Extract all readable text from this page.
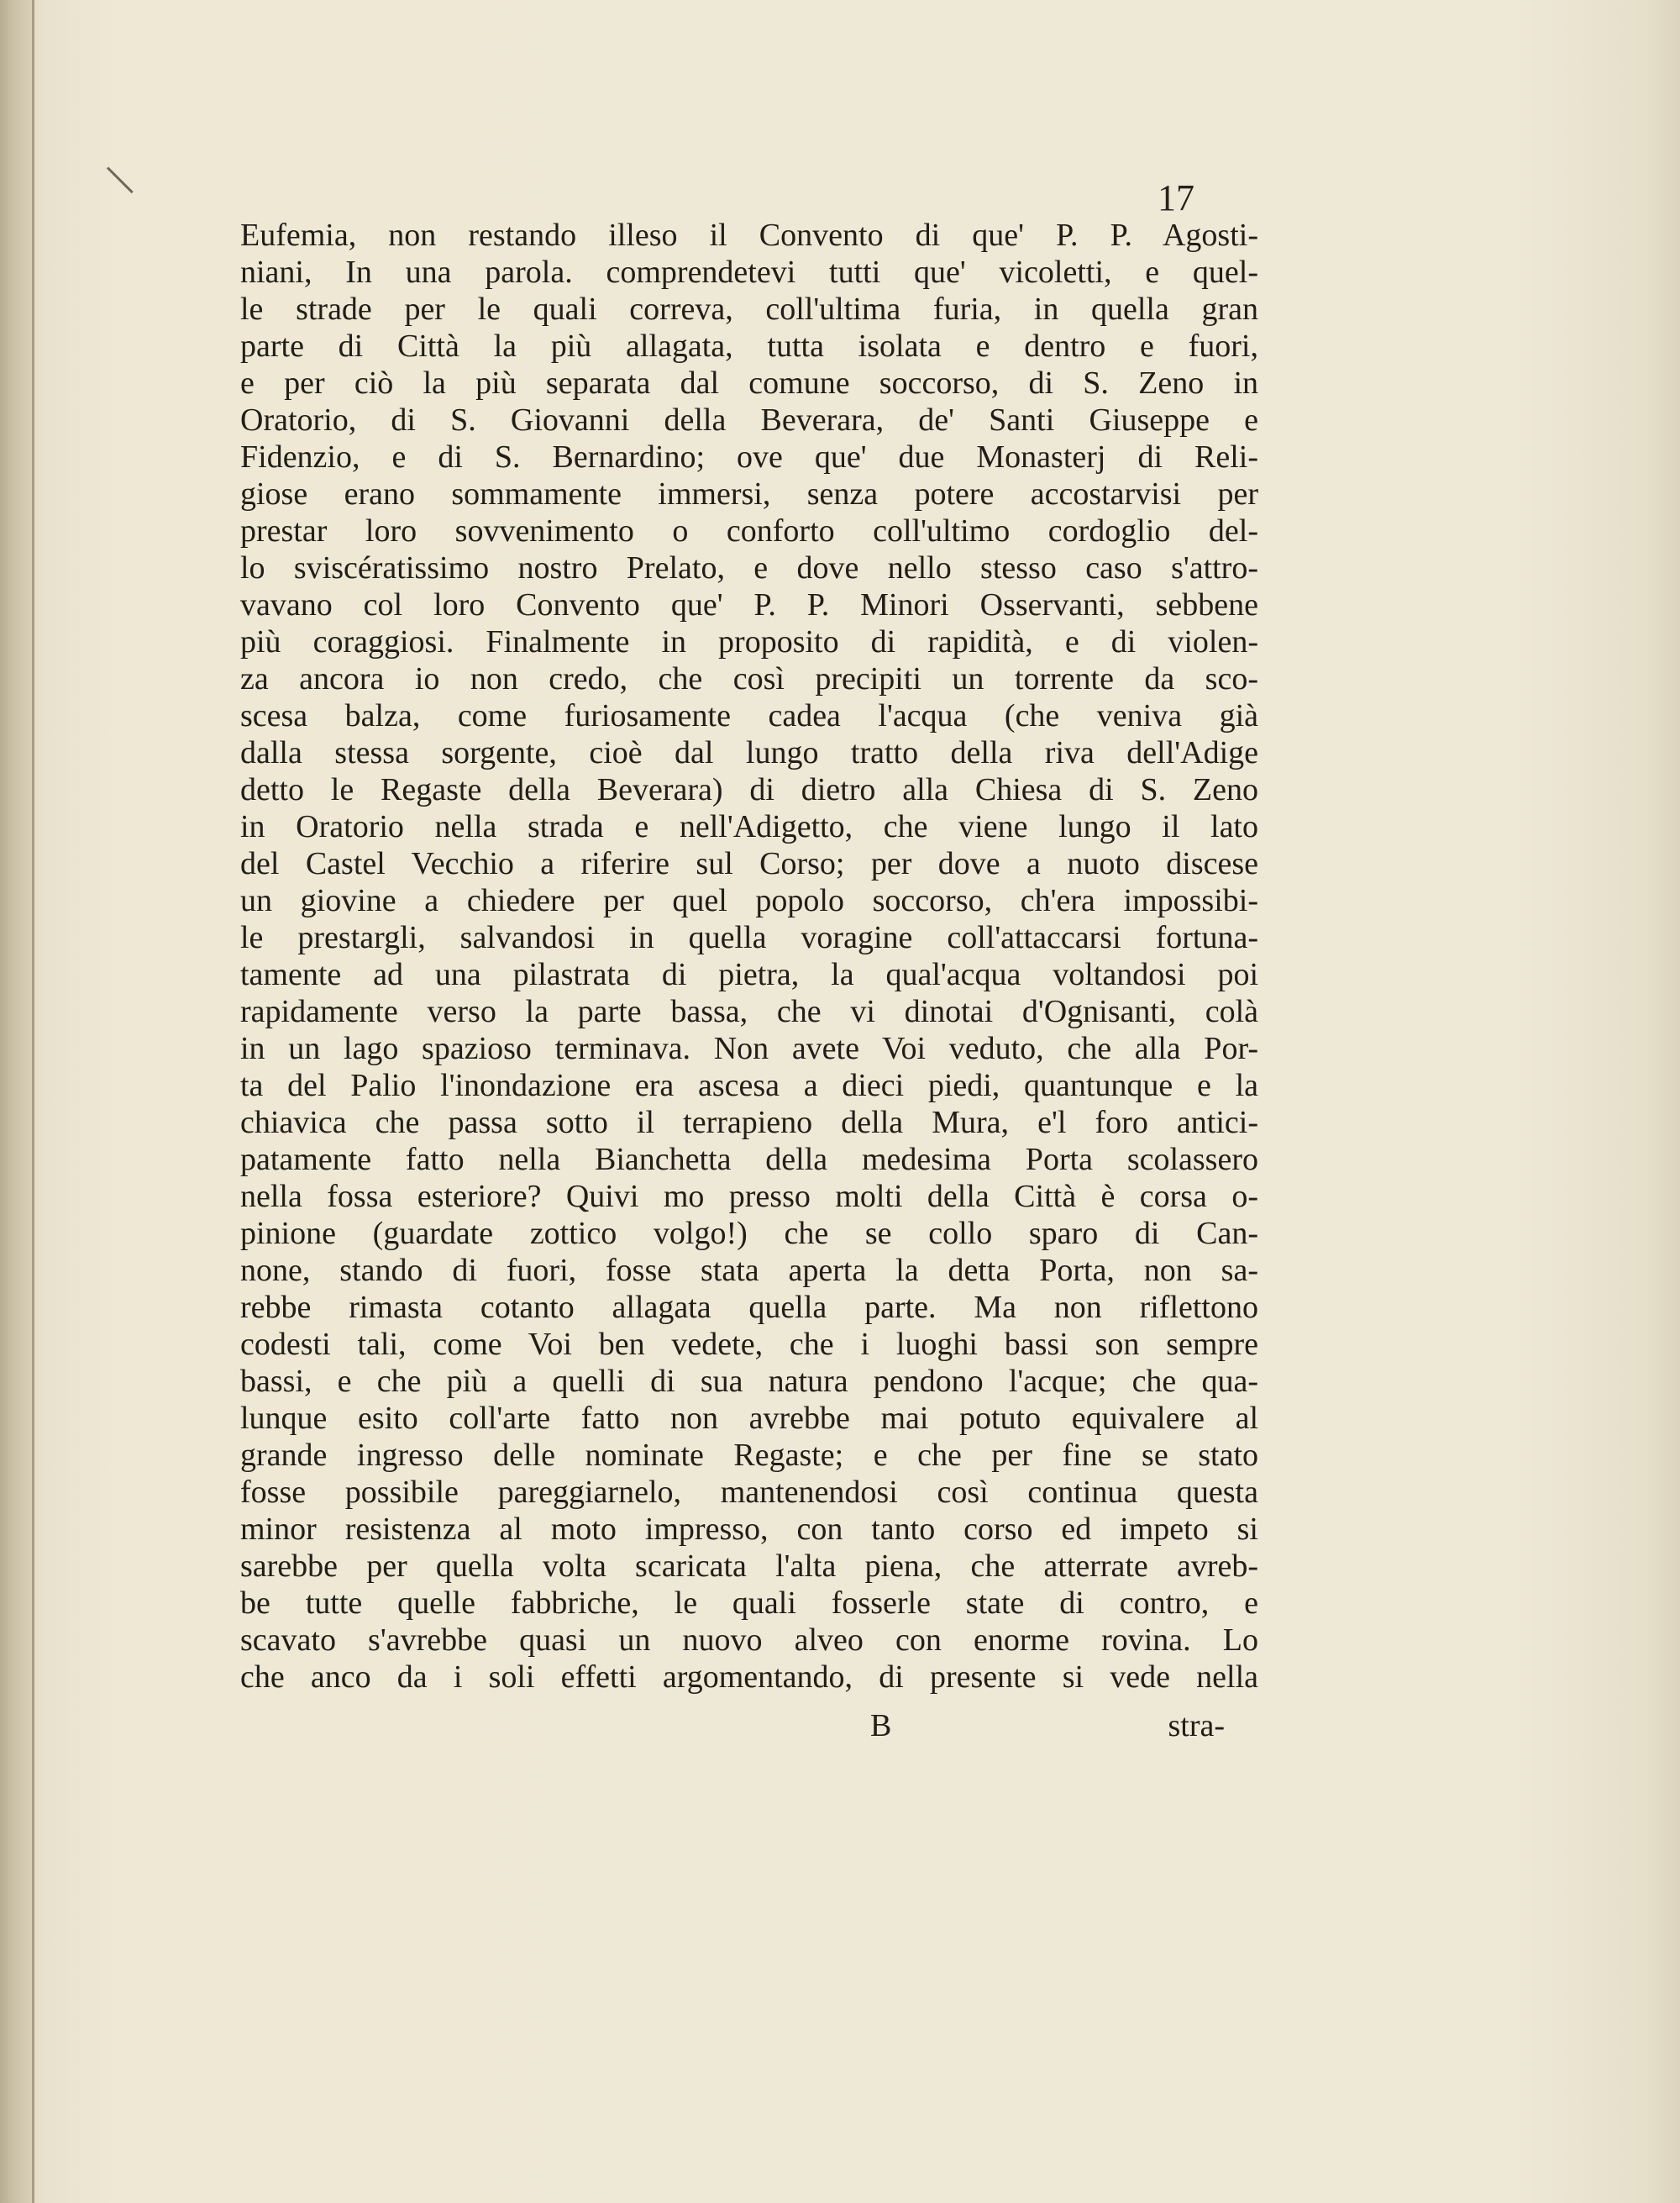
17
Eufemia, non restando illeso il Convento di que' P. P. Agosti-
niani, In una parola. comprendetevi tutti que' vicoletti, e quel-
le strade per le quali correva, coll'ultima furia, in quella gran
parte di Città la più allagata, tutta isolata e dentro e fuori,
e per ciò la più separata dal comune soccorso, di S. Zeno in
Oratorio, di S. Giovanni della Beverara, de' Santi Giuseppe e
Fidenzio, e di S. Bernardino; ove que' due Monasterj di Reli-
giose erano sommamente immersi, senza potere accostarvisi per
prestar loro sovvenimento o conforto coll'ultimo cordoglio del-
lo sviscératissimo nostro Prelato, e dove nello stesso caso s'attro-
vavano col loro Convento que' P. P. Minori Osservanti, sebbene
più coraggiosi. Finalmente in proposito di rapidità, e di violen-
za ancora io non credo, che così precipiti un torrente da sco-
scesa balza, come furiosamente cadea l'acqua (che veniva già
dalla stessa sorgente, cioè dal lungo tratto della riva dell'Adige
detto le Regaste della Beverara) di dietro alla Chiesa di S. Zeno
in Oratorio nella strada e nell'Adigetto, che viene lungo il lato
del Castel Vecchio a riferire sul Corso; per dove a nuoto discese
un giovine a chiedere per quel popolo soccorso, ch'era impossibi-
le prestargli, salvandosi in quella voragine coll'attaccarsi fortuna-
tamente ad una pilastrata di pietra, la qual'acqua voltandosi poi
rapidamente verso la parte bassa, che vi dinotai d'Ognisanti, colà
in un lago spazioso terminava. Non avete Voi veduto, che alla Por-
ta del Palio l'inondazione era ascesa a dieci piedi, quantunque e la
chiavica che passa sotto il terrapieno della Mura, e'l foro antici-
patamente fatto nella Bianchetta della medesima Porta scolassero
nella fossa esteriore? Quivi mo presso molti della Città è corsa o-
pinione (guardate zottico volgo!) che se collo sparo di Can-
none, stando di fuori, fosse stata aperta la detta Porta, non sa-
rebbe rimasta cotanto allagata quella parte. Ma non riflettono
codesti tali, come Voi ben vedete, che i luoghi bassi son sempre
bassi, e che più a quelli di sua natura pendono l'acque; che qua-
lunque esito coll'arte fatto non avrebbe mai potuto equivalere al
grande ingresso delle nominate Regaste; e che per fine se stato
fosse possibile pareggiarnelo, mantenendosi così continua questa
minor resistenza al moto impresso, con tanto corso ed impeto si
sarebbe per quella volta scaricata l'alta piena, che atterrate avreb-
be tutte quelle fabbriche, le quali fosserle state di contro, e
scavato s'avrebbe quasi un nuovo alveo con enorme rovina. Lo
che anco da i soli effetti argomentando, di presente si vede nella
B	stra-
